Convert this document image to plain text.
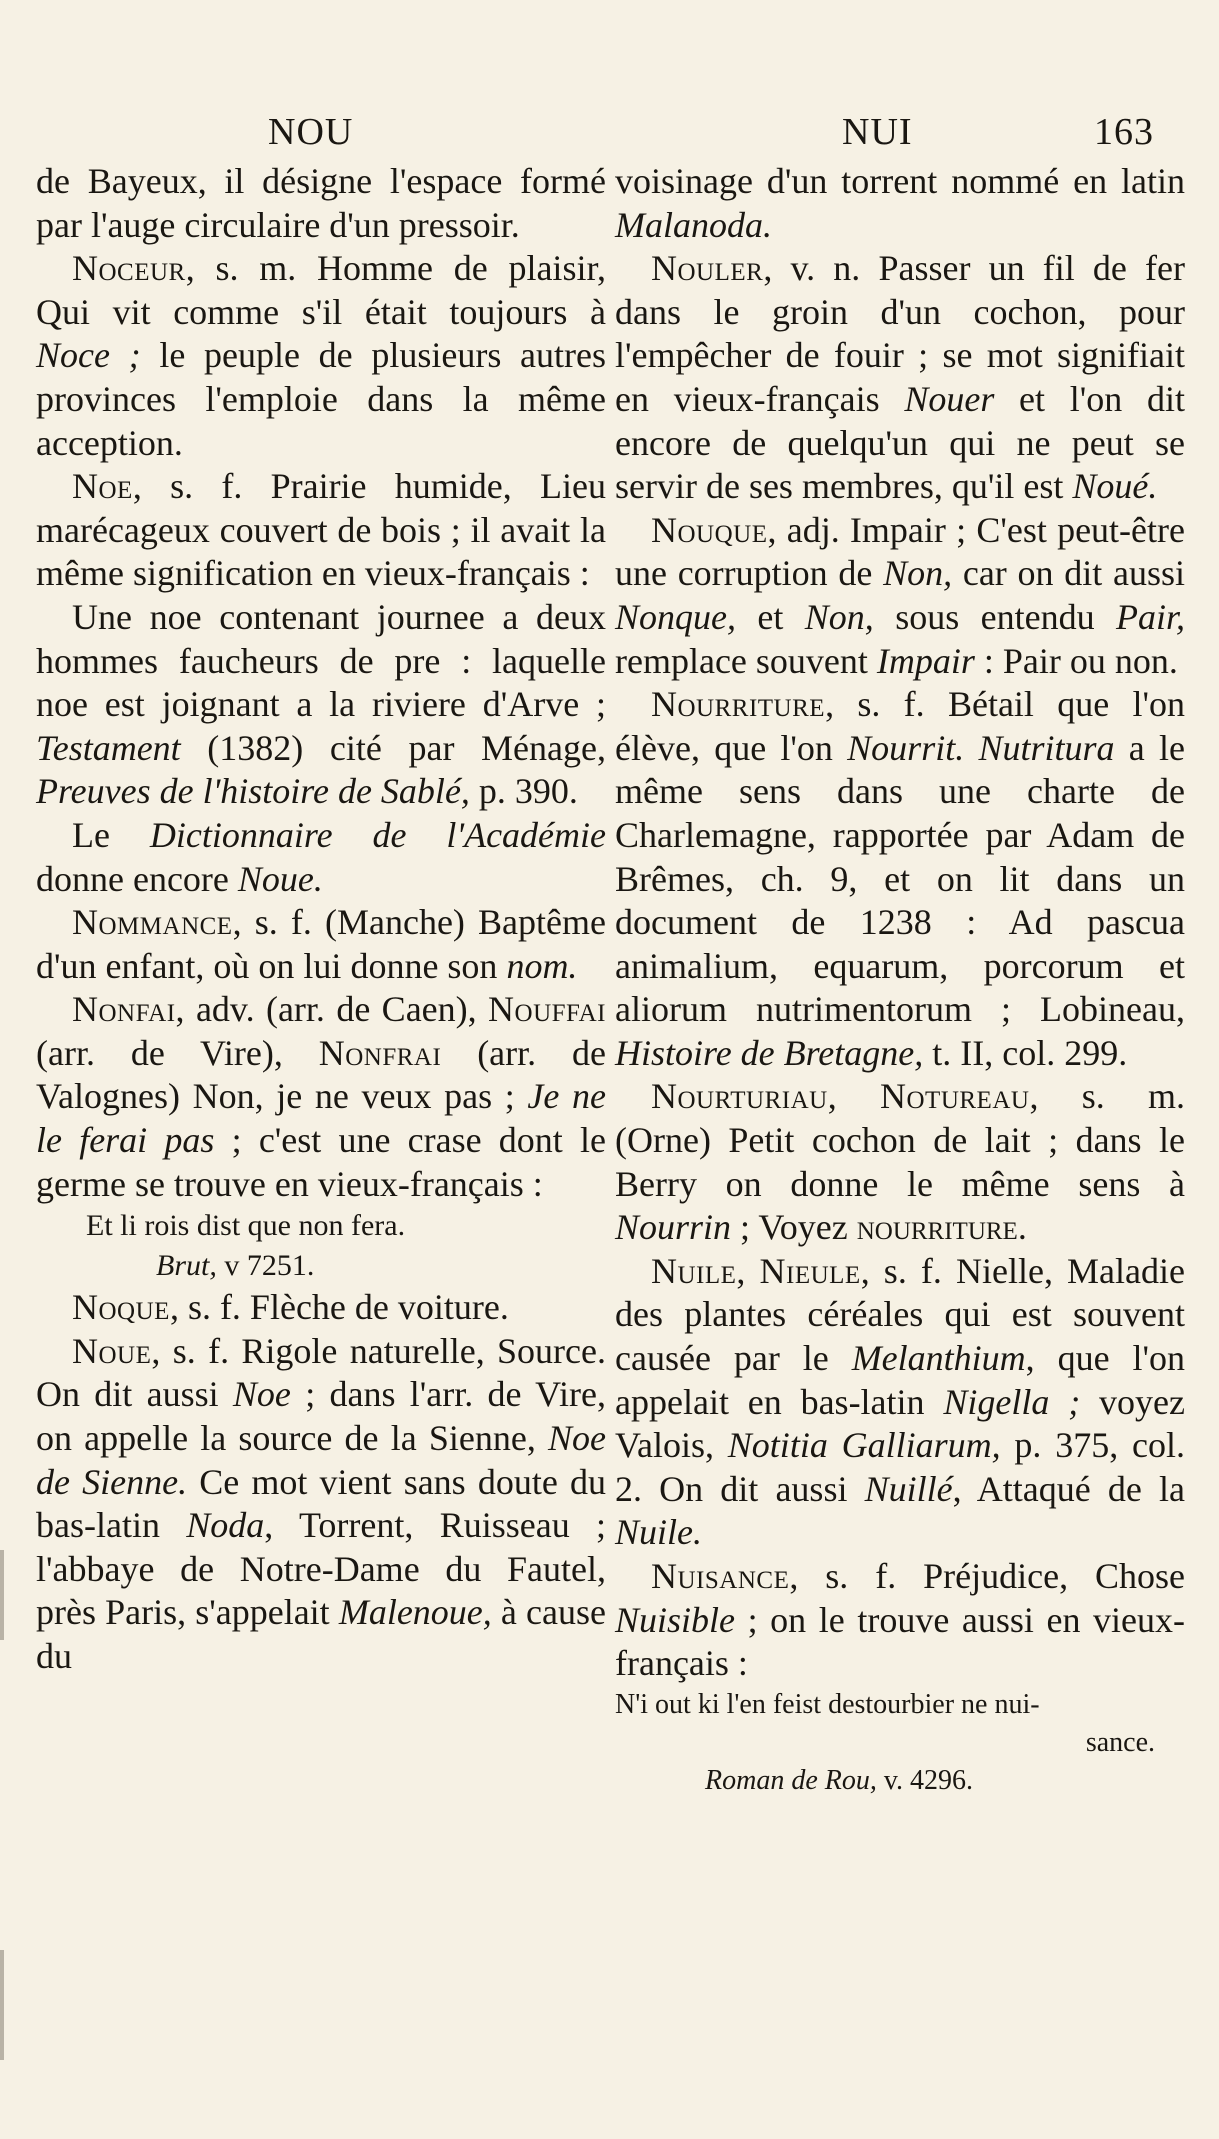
NOU	NUI	163

de Bayeux, il désigne l'espace formé par l'auge circulaire d'un pressoir.

Noceur, s. m. Homme de plaisir, Qui vit comme s'il était toujours à Noce ; le peuple de plusieurs autres provinces l'emploie dans la même acception.

Noe, s. f. Prairie humide, Lieu marécageux couvert de bois ; il avait la même signification en vieux-français :

Une noe contenant journee a deux hommes faucheurs de pre : laquelle noe est joignant a la riviere d'Arve ; Testament (1382) cité par Ménage, Preuves de l'histoire de Sablé, p. 390.

Le Dictionnaire de l'Académie donne encore Noue.

Nommance, s. f. (Manche) Baptême d'un enfant, où on lui donne son nom.

Nonfai, adv. (arr. de Caen), Nouffai (arr. de Vire), Nonfrai (arr. de Valognes) Non, je ne veux pas ; Je ne le ferai pas ; c'est une crase dont le germe se trouve en vieux-français :

Et li rois dist que non fera.

Brut, v 7251.

Noque, s. f. Flèche de voiture.

Noue, s. f. Rigole naturelle, Source. On dit aussi Noe ; dans l'arr. de Vire, on appelle la source de la Sienne, Noe de Sienne. Ce mot vient sans doute du bas-latin Noda, Torrent, Ruisseau ; l'abbaye de Notre-Dame du Fautel, près Paris, s'appelait Malenoue, à cause du

voisinage d'un torrent nommé en latin Malanoda.

Nouler, v. n. Passer un fil de fer dans le groin d'un cochon, pour l'empêcher de fouir ; se mot signifiait en vieux-français Nouer et l'on dit encore de quelqu'un qui ne peut se servir de ses membres, qu'il est Noué.

Nouque, adj. Impair ; C'est peut-être une corruption de Non, car on dit aussi Nonque, et Non, sous entendu Pair, remplace souvent Impair : Pair ou non.

Nourriture, s. f. Bétail que l'on élève, que l'on Nourrit. Nutritura a le même sens dans une charte de Charlemagne, rapportée par Adam de Brêmes, ch. 9, et on lit dans un document de 1238 : Ad pascua animalium, equarum, porcorum et aliorum nutrimentorum ; Lobineau, Histoire de Bretagne, t. II, col. 299.

Nourturiau, Notureau, s. m. (Orne) Petit cochon de lait ; dans le Berry on donne le même sens à Nourrin ; Voyez nourriture.

Nuile, Nieule, s. f. Nielle, Maladie des plantes céréales qui est souvent causée par le Melanthium, que l'on appelait en bas-latin Nigella ; voyez Valois, Notitia Galliarum, p. 375, col. 2. On dit aussi Nuillé, Attaqué de la Nuile.

Nuisance, s. f. Préjudice, Chose Nuisible ; on le trouve aussi en vieux-français :

N'i out ki l'en feist destourbier ne nui-
sance.

Roman de Rou, v. 4296.
